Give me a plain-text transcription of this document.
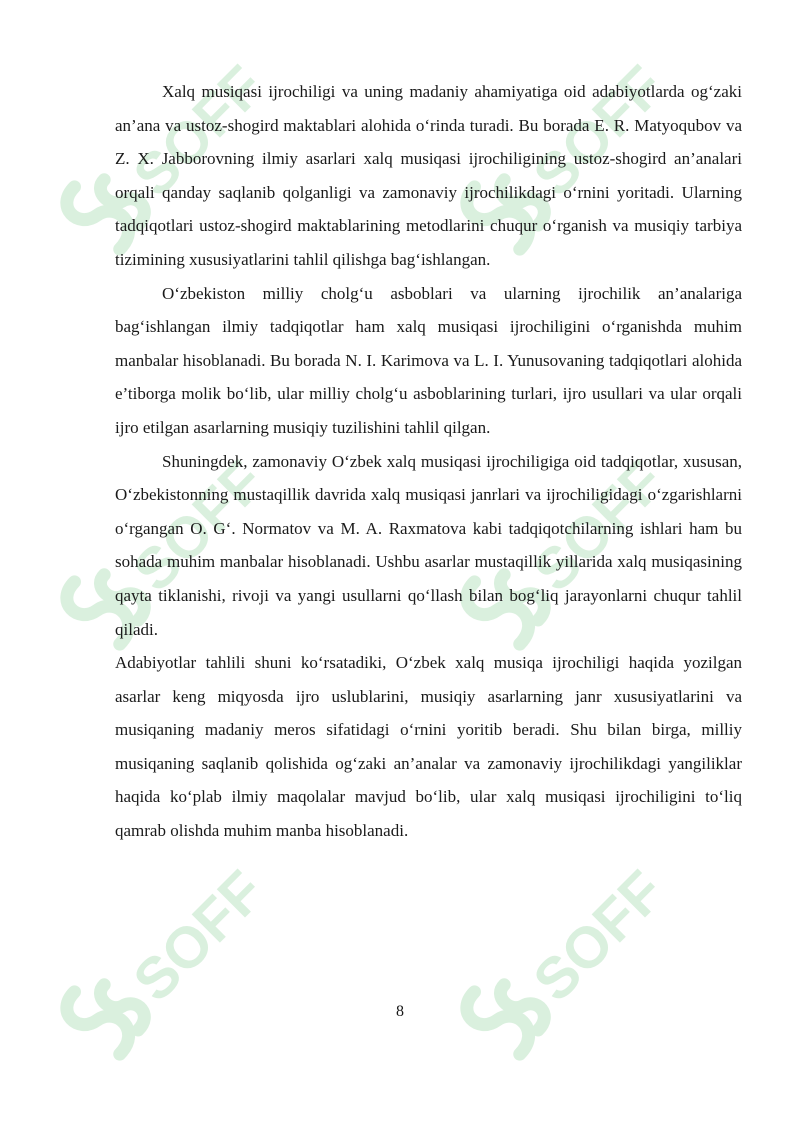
SOFF	SOFF
SOFF	SOFF
SOFF	SOFF

Xalq musiqasi ijrochiligi va uning madaniy ahamiyatiga oid adabiyotlarda og‘zaki an’ana va ustoz-shogird maktablari alohida o‘rinda turadi. Bu borada E. R. Matyoqubov va Z. X. Jabborovning ilmiy asarlari xalq musiqasi ijrochiligining ustoz-shogird an’analari orqali qanday saqlanib qolganligi va zamonaviy ijrochilikdagi o‘rnini yoritadi. Ularning tadqiqotlari ustoz-shogird maktablarining metodlarini chuqur o‘rganish va musiqiy tarbiya tizimining xususiyatlarini tahlil qilishga bag‘ishlangan.

O‘zbekiston milliy cholg‘u asboblari va ularning ijrochilik an’analariga bag‘ishlangan ilmiy tadqiqotlar ham xalq musiqasi ijrochiligini o‘rganishda muhim manbalar hisoblanadi. Bu borada N. I. Karimova va L. I. Yunusovaning tadqiqotlari alohida e’tiborga molik bo‘lib, ular milliy cholg‘u asboblarining turlari, ijro usullari va ular orqali ijro etilgan asarlarning musiqiy tuzilishini tahlil qilgan.

Shuningdek, zamonaviy O‘zbek xalq musiqasi ijrochiligiga oid tadqiqotlar, xususan, O‘zbekistonning mustaqillik davrida xalq musiqasi janrlari va ijrochiligidagi o‘zgarishlarni o‘rgangan O. G‘. Normatov va M. A. Raxmatova kabi tadqiqotchilarning ishlari ham bu sohada muhim manbalar hisoblanadi. Ushbu asarlar mustaqillik yillarida xalq musiqasining qayta tiklanishi, rivoji va yangi usullarni qo‘llash bilan bog‘liq jarayonlarni chuqur tahlil qiladi.

Adabiyotlar tahlili shuni ko‘rsatadiki, O‘zbek xalq musiqa ijrochiligi haqida yozilgan asarlar keng miqyosda ijro uslublarini, musiqiy asarlarning janr xususiyatlarini va musiqaning madaniy meros sifatidagi o‘rnini yoritib beradi. Shu bilan birga, milliy musiqaning saqlanib qolishida og‘zaki an’analar va zamonaviy ijrochilikdagi yangiliklar haqida ko‘plab ilmiy maqolalar mavjud bo‘lib, ular xalq musiqasi ijrochiligini to‘liq qamrab olishda muhim manba hisoblanadi.

8
